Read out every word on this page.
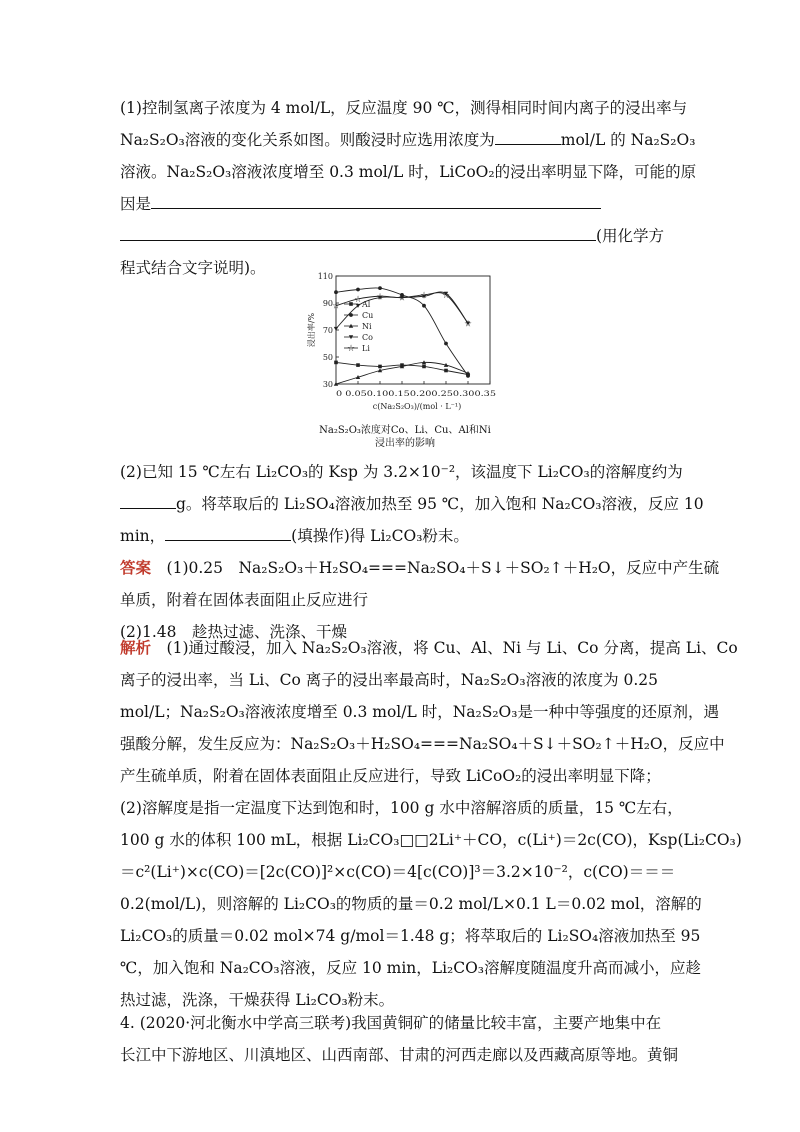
(1)控制氢离子浓度为 4 mol/L，反应温度 90 ℃，测得相同时间内离子的浸出率与
Na₂S₂O₃溶液的变化关系如图。则酸浸时应选用浓度为	mol/L 的 Na₂S₂O₃
溶液。Na₂S₂O₃溶液浓度增至 0.3 mol/L 时，LiCoO₂的浸出率明显下降，可能的原
因是
(用化学方
程式结合文字说明)。
30
50
70
90
110
0 0.050.100.150.200.250.300.35
c(Na₂S₂O₃)/(mol · L⁻¹)
浸出率/%
☆
☆ ☆ ☆ ☆ ☆
☆
Al
Cu
Ni
Co
☆ Li
Na₂S₂O₃浓度对Co、Li、Cu、Al和Ni
浸出率的影响
(2)已知 15 ℃左右 Li₂CO₃的 Ksp 为 3.2×10⁻²，该温度下 Li₂CO₃的溶解度约为
g。将萃取后的 Li₂SO₄溶液加热至 95 ℃，加入饱和 Na₂CO₃溶液，反应 10
min，	(填操作)得 Li₂CO₃粉末。
答案　 (1)0.25　Na₂S₂O₃＋H₂SO₄===Na₂SO₄＋S↓＋SO₂↑＋H₂O，反应中产生硫
单质，附着在固体表面阻止反应进行
(2)1.48　趁热过滤、洗涤、干燥
解析　 (1)通过酸浸，加入 Na₂S₂O₃溶液，将 Cu、Al、Ni 与 Li、Co 分离，提高 Li、Co
离子的浸出率，当 Li、Co 离子的浸出率最高时，Na₂S₂O₃溶液的浓度为 0.25
mol/L；Na₂S₂O₃溶液浓度增至 0.3 mol/L 时，Na₂S₂O₃是一种中等强度的还原剂，遇
强酸分解，发生反应为：Na₂S₂O₃＋H₂SO₄===Na₂SO₄＋S↓＋SO₂↑＋H₂O，反应中
产生硫单质，附着在固体表面阻止反应进行，导致 LiCoO₂的浸出率明显下降；
(2)溶解度是指一定温度下达到饱和时，100 g 水中溶解溶质的质量，15 ℃左右，
100 g 水的体积 100 mL，根据 Li₂CO₃□□2Li⁺＋CO，c(Li⁺)＝2c(CO)，Ksp(Li₂CO₃)
＝c²(Li⁺)×c(CO)＝[2c(CO)]²×c(CO)＝4[c(CO)]³＝3.2×10⁻²，c(CO)＝＝＝
0.2(mol/L)，则溶解的 Li₂CO₃的物质的量＝0.2 mol/L×0.1 L＝0.02 mol，溶解的
Li₂CO₃的质量＝0.02 mol×74 g/mol＝1.48 g；将萃取后的 Li₂SO₄溶液加热至 95
℃，加入饱和 Na₂CO₃溶液，反应 10 min，Li₂CO₃溶解度随温度升高而减小，应趁
热过滤，洗涤，干燥获得 Li₂CO₃粉末。
4. (2020·河北衡水中学高三联考)我国黄铜矿的储量比较丰富，主要产地集中在
长江中下游地区、川滇地区、山西南部、甘肃的河西走廊以及西藏高原等地。黄铜
